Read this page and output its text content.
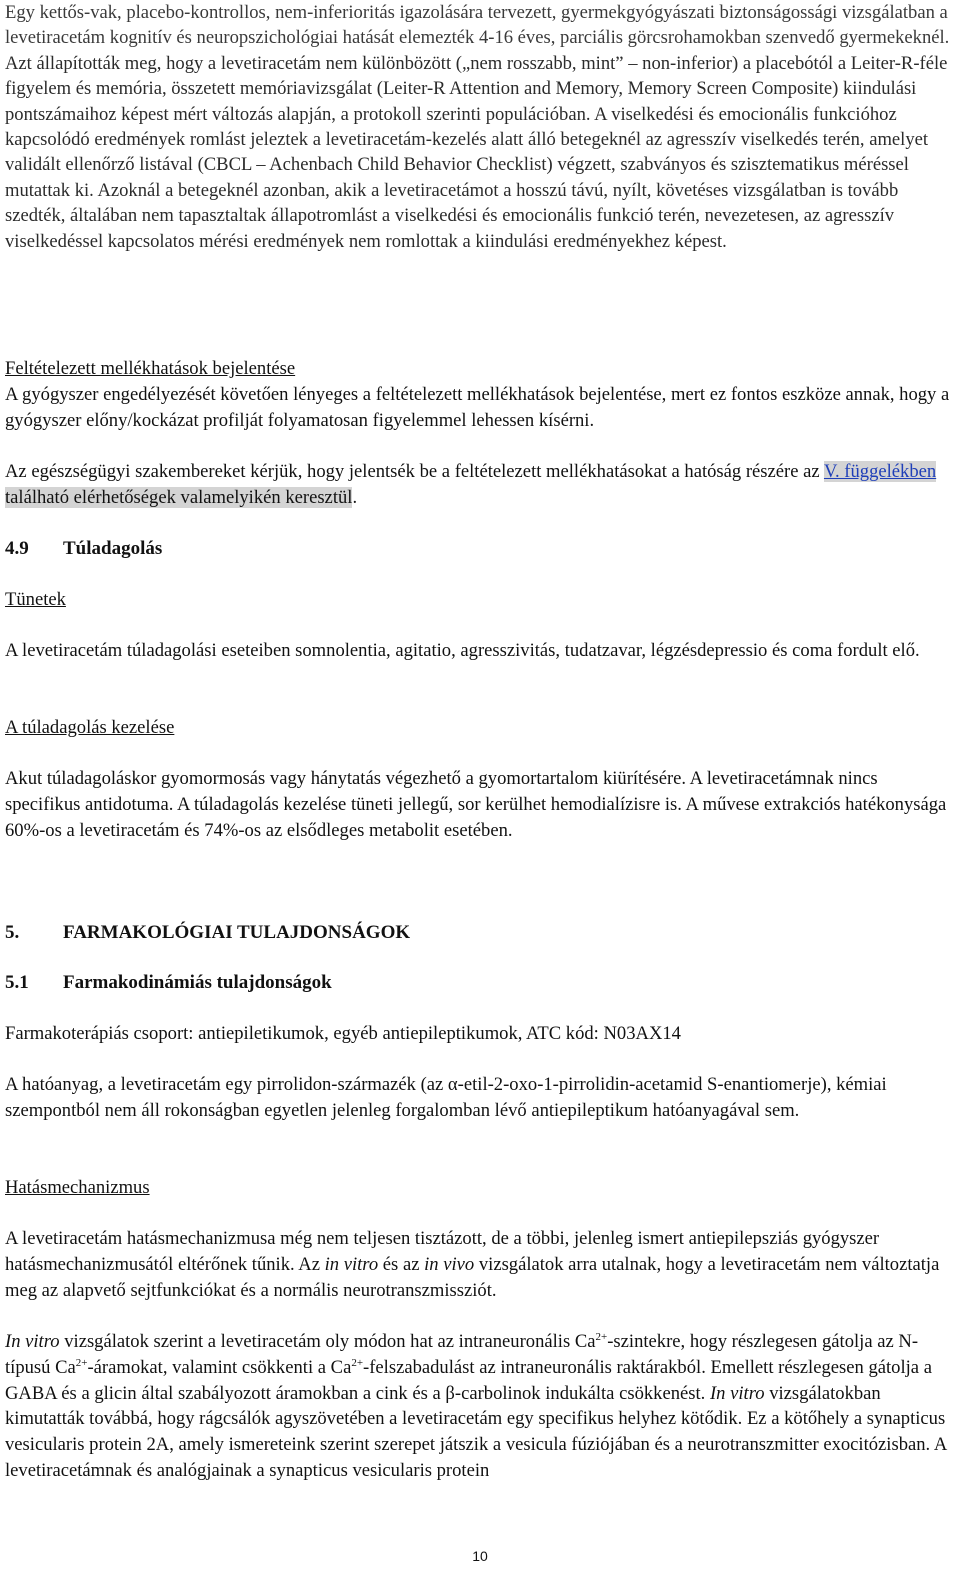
Egy kettős-vak, placebo-kontrollos, nem-inferioritás igazolására tervezett, gyermekgyógyászati biztonságossági vizsgálatban a levetiracetám kognitív és neuropszichológiai hatását elemezték 4-16 éves, parciális görcsrohamokban szenvedő gyermekeknél. Azt állapították meg, hogy a levetiracetám nem különbözött („nem rosszabb, mint” – non-inferior) a placebótól a Leiter-R-féle figyelem és memória, összetett memóriavizsgálat (Leiter-R Attention and Memory, Memory Screen Composite) kiindulási pontszámaihoz képest mért változás alapján, a protokoll szerinti populációban. A viselkedési és emocionális funkcióhoz kapcsolódó eredmények romlást jeleztek a levetiracetám-kezelés alatt álló betegeknél az agresszív viselkedés terén, amelyet validált ellenőrző listával (CBCL – Achenbach Child Behavior Checklist) végzett, szabványos és szisztematikus méréssel mutattak ki. Azoknál a betegeknél azonban, akik a levetiracetámot a hosszú távú, nyílt, követéses vizsgálatban is tovább szedték, általában nem tapasztaltak állapotromlást a viselkedési és emocionális funkció terén, nevezetesen, az agresszív viselkedéssel kapcsolatos mérési eredmények nem romlottak a kiindulási eredményekhez képest.

Feltételezett mellékhatások bejelentése

A gyógyszer engedélyezését követően lényeges a feltételezett mellékhatások bejelentése, mert ez fontos eszköze annak, hogy a gyógyszer előny/kockázat profilját folyamatosan figyelemmel lehessen kísérni.

Az egészségügyi szakembereket kérjük, hogy jelentsék be a feltételezett mellékhatásokat a hatóság részére az V. függelékben található elérhetőségek valamelyikén keresztül.

4.9 Túladagolás

Tünetek

A levetiracetám túladagolási eseteiben somnolentia, agitatio, agresszivitás, tudatzavar, légzésdepressio és coma fordult elő.

A túladagolás kezelése

Akut túladagoláskor gyomormosás vagy hánytatás végezhető a gyomortartalom kiürítésére. A levetiracetámnak nincs specifikus antidotuma. A túladagolás kezelése tüneti jellegű, sor kerülhet hemodialízisre is. A művese extrakciós hatékonysága 60%-os a levetiracetám és 74%-os az elsődleges metabolit esetében.

5. FARMAKOLÓGIAI TULAJDONSÁGOK

5.1 Farmakodinámiás tulajdonságok

Farmakoterápiás csoport: antiepiletikumok, egyéb antiepileptikumok, ATC kód: N03AX14

A hatóanyag, a levetiracetám egy pirrolidon-származék (az α-etil-2-oxo-1-pirrolidin-acetamid S-enantiomerje), kémiai szempontból nem áll rokonságban egyetlen jelenleg forgalomban lévő antiepileptikum hatóanyagával sem.

Hatásmechanizmus

A levetiracetám hatásmechanizmusa még nem teljesen tisztázott, de a többi, jelenleg ismert antiepilepsziás gyógyszer hatásmechanizmusától eltérőnek tűnik. Az in vitro és az in vivo vizsgálatok arra utalnak, hogy a levetiracetám nem változtatja meg az alapvető sejtfunkciókat és a normális neurotranszmissziót.

In vitro vizsgálatok szerint a levetiracetám oly módon hat az intraneuronális $Ca^{2+}$-szintekre, hogy részlegesen gátolja az N-típusú $Ca^{2+}$-áramokat, valamint csökkenti a $Ca^{2+}$-felszabadulást az intraneuronális raktárakból. Emellett részlegesen gátolja a GABA és a glicin által szabályozott áramokban a cink és a β-carbolinok indukálta csökkenést. In vitro vizsgálatokban kimutatták továbbá, hogy rágcsálók agyszövetében a levetiracetám egy specifikus helyhez kötődik. Ez a kötőhely a synapticus vesicularis protein 2A, amely ismereteink szerint szerepet játszik a vesicula fúziójában és a neurotranszmitter exocitózisban. A levetiracetámnak és analógjainak a synapticus vesicularis protein

10
